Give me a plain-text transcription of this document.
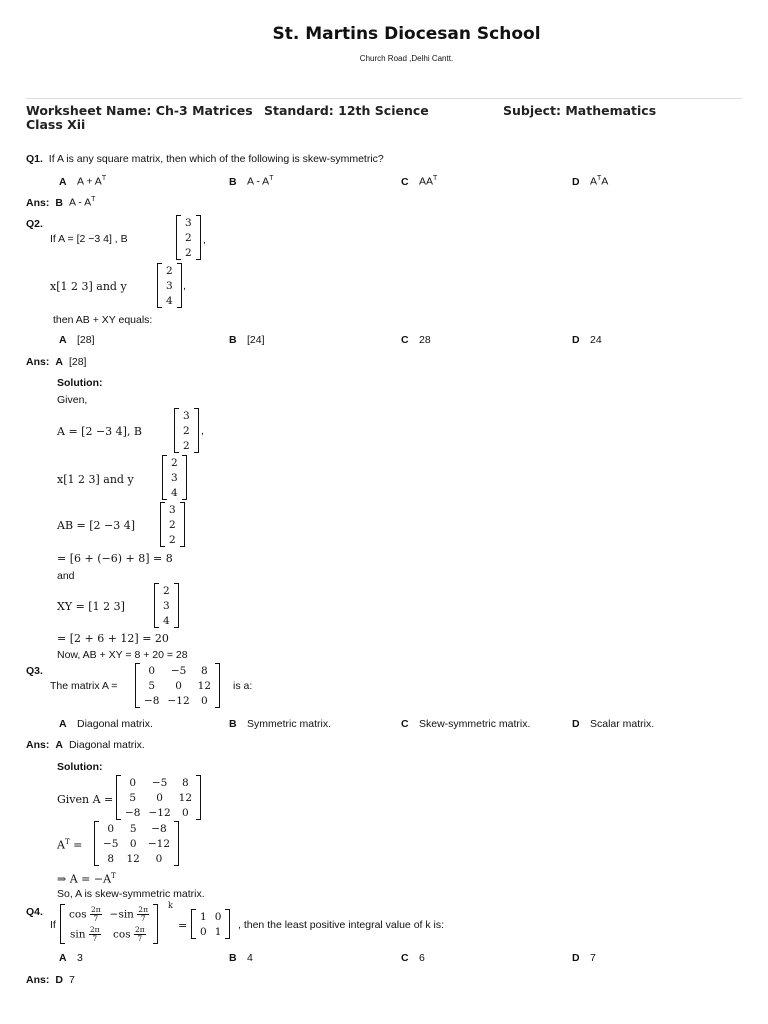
St. Martins Diocesan School
Church Road ,Delhi Cantt.
Worksheet Name: Ch-3 Matrices
Class Xii
Standard: 12th Science	Subject: Mathematics
Q1. If A is any square matrix, then which of the following is skew-symmetric?
A $A + A^T$	B A - $A^T$	C $AA^T$	D $A^TA$
Ans: B A - $A^T$
Q2.
If A = [2 −3 4] , B
3
2
2
,
x[1 2 3] and y
2
3
4
,
then AB + XY equals:
A [28]	B [24]	C 28	D 24
Ans: A [28]
Solution:
Given,
A = [2 −3 4], B
3
2
2
,
x[1 2 3] and y
2
3
4
AB = [2 −3 4]
3
2
2
= [6 + (−6) + 8] = 8
and
XY = [1 2 3]
2
3
4
= [2 + 6 + 12] = 20
Now, AB + XY = 8 + 20 = 28
Q3.
The matrix A =
0	−5	8
5	0	12
−8	−12	0
is a:
A Diagonal matrix.	B Symmetric matrix.	C Skew-symmetric matrix.	D Scalar matrix.
Ans: A Diagonal matrix.
Solution:
Given A =
0	−5	8
5	0	12
−8	−12	0
$A^T$ =
0	5	−8
−5	0	−12
8	12	0
⇒ $A = -A^T$
So, A is skew-symmetric matrix.
Q4.
If
$\cos \frac{2\pi}{7}$	$-\sin \frac{2\pi}{7}$

$\sin \frac{2\pi}{7}$	$\cos \frac{2\pi}{7}$
k
=
1	0
0	1
, then the least positive integral value of k is:
A 3	B 4	C 6	D 7
Ans: D 7
